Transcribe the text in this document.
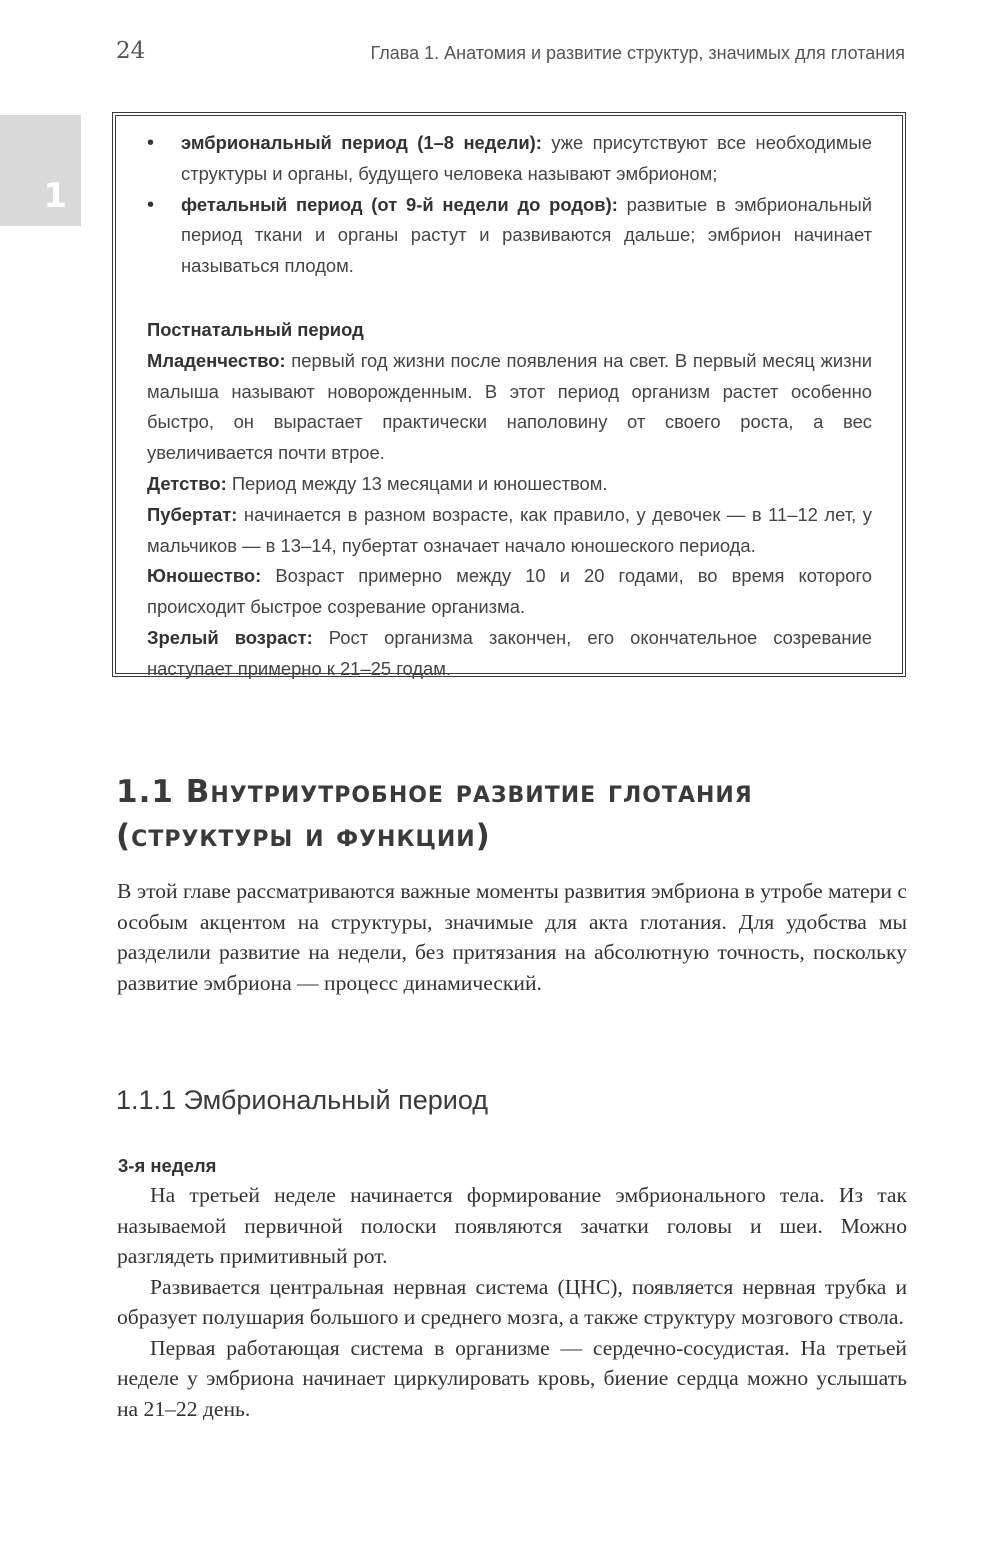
24	Глава 1. Анатомия и развитие структур, значимых для глотания
1
• эмбриональный период (1–8 недели): уже присутствуют все необходимые структуры и органы, будущего человека называют эмбрионом;
• фетальный период (от 9-й недели до родов): развитые в эмбриональный период ткани и органы растут и развиваются дальше; эмбрион начинает называться плодом.

Постнатальный период

Младенчество: первый год жизни после появления на свет. В первый месяц жизни малыша называют новорожденным. В этот период организм растет особенно быстро, он вырастает практически наполовину от своего роста, а вес увеличивается почти втрое.

Детство: Период между 13 месяцами и юношеством.

Пубертат: начинается в разном возрасте, как правило, у девочек — в 11–12 лет, у мальчиков — в 13–14, пубертат означает начало юношеского периода.

Юношество: Возраст примерно между 10 и 20 годами, во время которого происходит быстрое созревание организма.

Зрелый возраст: Рост организма закончен, его окончательное созревание наступает примерно к 21–25 годам.

1.1 Внутриутробное развитие глотания
(структуры и функции)

В этой главе рассматриваются важные моменты развития эмбриона в утробе матери с особым акцентом на структуры, значимые для акта глотания. Для удобства мы разделили развитие на недели, без притязания на абсолютную точность, поскольку развитие эмбриона — процесс динамический.

1.1.1 Эмбриональный период
3-я неделя

На третьей неделе начинается формирование эмбрионального тела. Из так называемой первичной полоски появляются зачатки головы и шеи. Можно разглядеть примитивный рот.

Развивается центральная нервная система (ЦНС), появляется нервная трубка и образует полушария большого и среднего мозга, а также структуру мозгового ствола.

Первая работающая система в организме — сердечно-сосудистая. На третьей неделе у эмбриона начинает циркулировать кровь, биение сердца можно услышать на 21–22 день.
